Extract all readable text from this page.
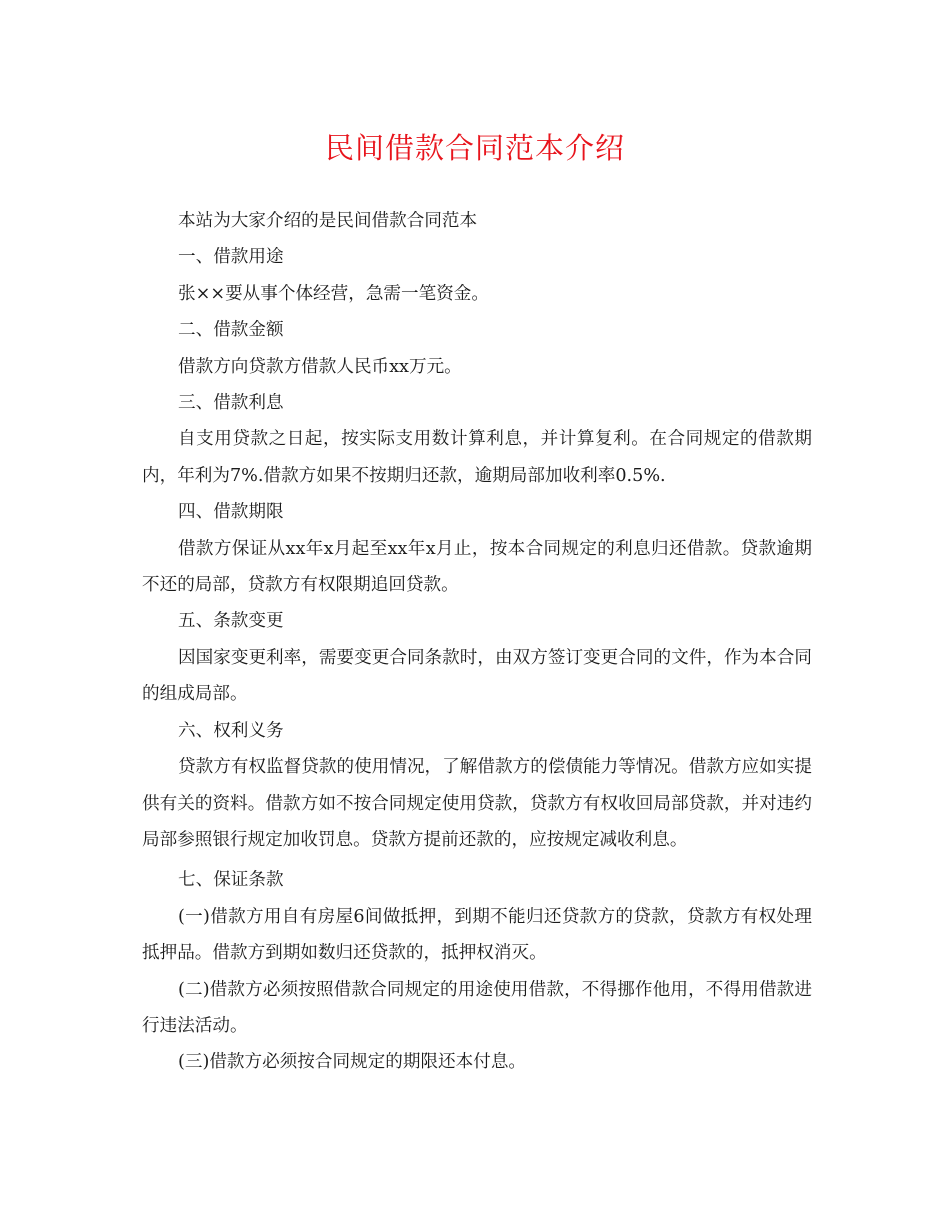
民间借款合同范本介绍

本站为大家介绍的是民间借款合同范本

一、借款用途

张××要从事个体经营，急需一笔资金。

二、借款金额

借款方向贷款方借款人民币xx万元。

三、借款利息

自支用贷款之日起，按实际支用数计算利息，并计算复利。在合同规定的借款期内，年利为7%.借款方如果不按期归还款，逾期局部加收利率0.5%.

四、借款期限

借款方保证从xx年x月起至xx年x月止，按本合同规定的利息归还借款。贷款逾期不还的局部，贷款方有权限期追回贷款。

五、条款变更

因国家变更利率，需要变更合同条款时，由双方签订变更合同的文件，作为本合同的组成局部。

六、权利义务

贷款方有权监督贷款的使用情况，了解借款方的偿债能力等情况。借款方应如实提供有关的资料。借款方如不按合同规定使用贷款，贷款方有权收回局部贷款，并对违约局部参照银行规定加收罚息。贷款方提前还款的，应按规定减收利息。

七、保证条款

(一)借款方用自有房屋6间做抵押，到期不能归还贷款方的贷款，贷款方有权处理抵押品。借款方到期如数归还贷款的，抵押权消灭。

(二)借款方必须按照借款合同规定的用途使用借款，不得挪作他用，不得用借款进行违法活动。

(三)借款方必须按合同规定的期限还本付息。
